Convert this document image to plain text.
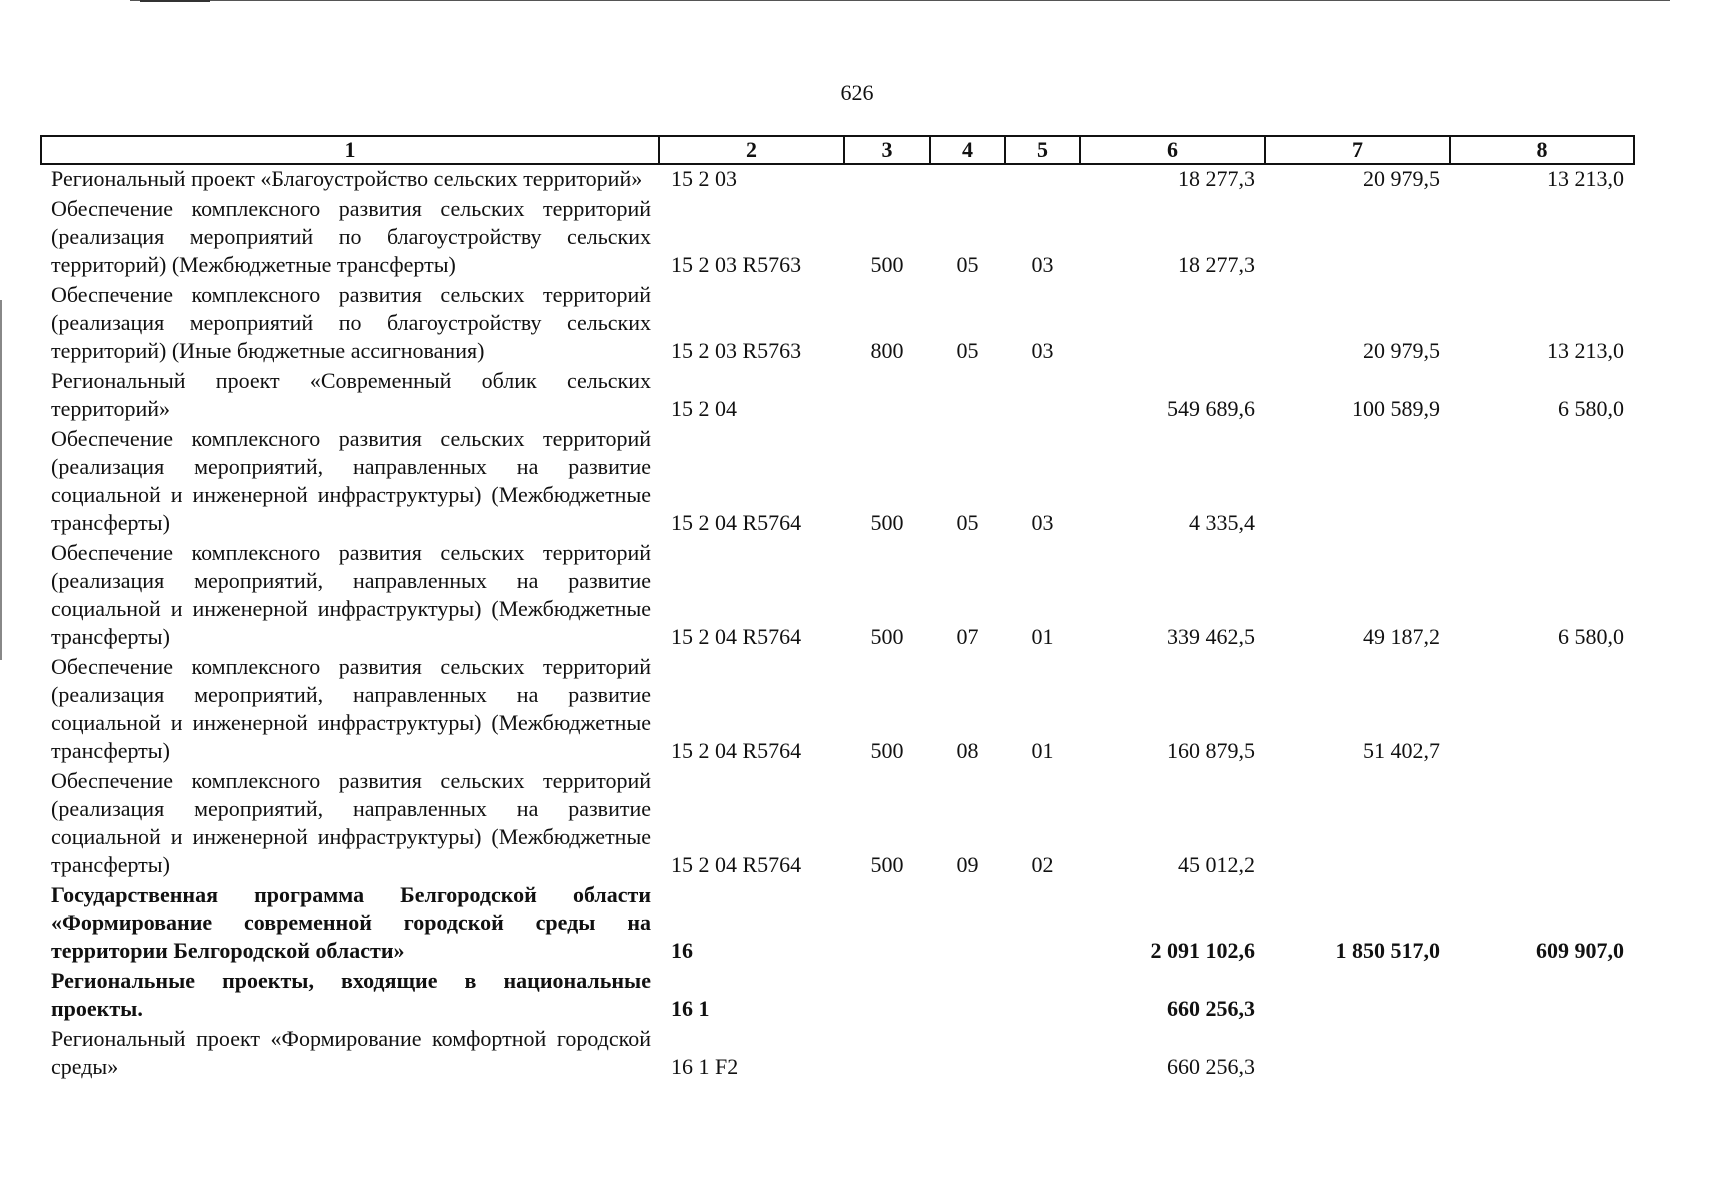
626
1	2	3	4	5	6	7	8
Региональный проект «Благоустройство сельских территорий»	15 2 03				18 277,3	20 979,5	13 213,0
Обеспечение комплексного развития сельских территорий (реализация мероприятий по благоустройству сельских территорий) (Межбюджетные трансферты)	15 2 03 R5763	500	05	03	18 277,3		
Обеспечение комплексного развития сельских территорий (реализация мероприятий по благоустройству сельских территорий) (Иные бюджетные ассигнования)	15 2 03 R5763	800	05	03		20 979,5	13 213,0
Региональный проект «Современный облик сельских территорий»	15 2 04				549 689,6	100 589,9	6 580,0
Обеспечение комплексного развития сельских территорий (реализация мероприятий, направленных на развитие социальной и инженерной инфраструктуры) (Межбюджетные трансферты)	15 2 04 R5764	500	05	03	4 335,4		
Обеспечение комплексного развития сельских территорий (реализация мероприятий, направленных на развитие социальной и инженерной инфраструктуры) (Межбюджетные трансферты)	15 2 04 R5764	500	07	01	339 462,5	49 187,2	6 580,0
Обеспечение комплексного развития сельских территорий (реализация мероприятий, направленных на развитие социальной и инженерной инфраструктуры) (Межбюджетные трансферты)	15 2 04 R5764	500	08	01	160 879,5	51 402,7	
Обеспечение комплексного развития сельских территорий (реализация мероприятий, направленных на развитие социальной и инженерной инфраструктуры) (Межбюджетные трансферты)	15 2 04 R5764	500	09	02	45 012,2		
Государственная программа Белгородской области «Формирование современной городской среды на территории Белгородской области»	16				2 091 102,6	1 850 517,0	609 907,0
Региональные проекты, входящие в национальные проекты.	16 1				660 256,3		
Региональный проект «Формирование комфортной городской среды»	16 1 F2				660 256,3		
